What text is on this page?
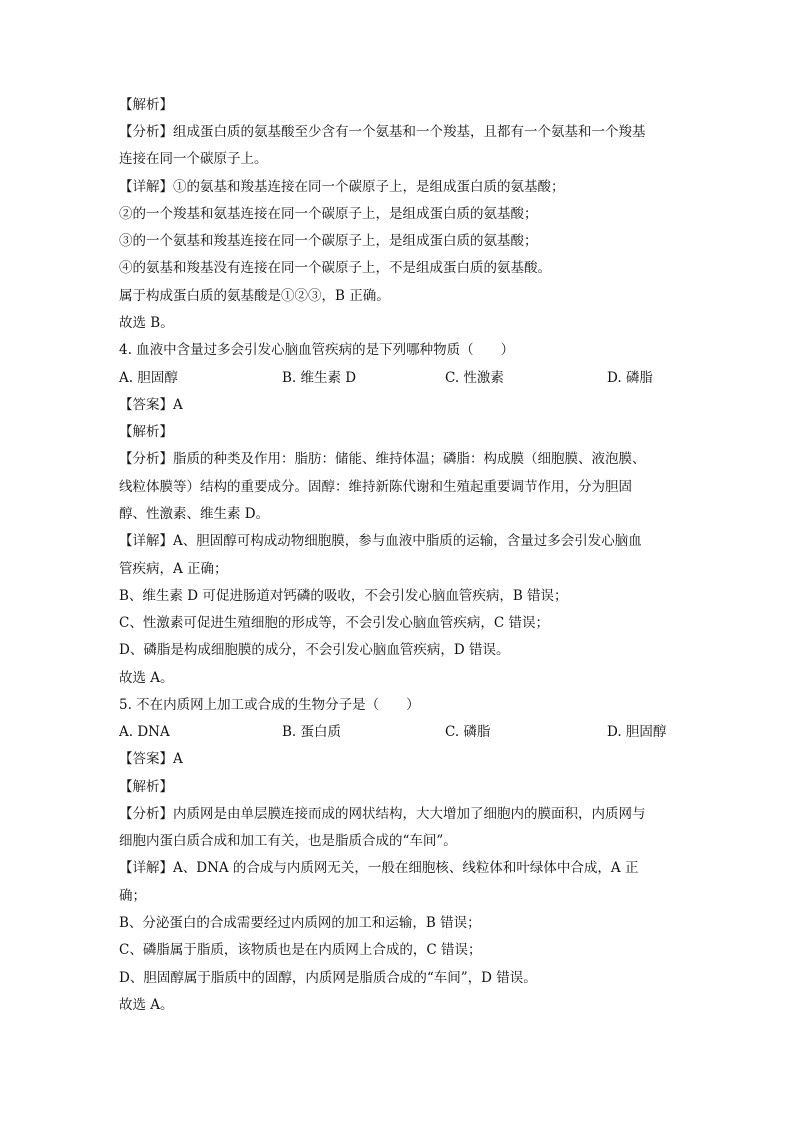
【解析】
【分析】组成蛋白质的氨基酸至少含有一个氨基和一个羧基，且都有一个氨基和一个羧基
连接在同一个碳原子上。
【详解】①的氨基和羧基连接在同一个碳原子上，是组成蛋白质的氨基酸；
②的一个羧基和氨基连接在同一个碳原子上，是组成蛋白质的氨基酸；
③的一个氨基和羧基连接在同一个碳原子上，是组成蛋白质的氨基酸；
④的氨基和羧基没有连接在同一个碳原子上，不是组成蛋白质的氨基酸。
属于构成蛋白质的氨基酸是①②③，B 正确。
故选 B。
4. 血液中含量过多会引发心脑血管疾病的是下列哪种物质（　　）
A. 胆固醇	B. 维生素 D	C. 性激素	D. 磷脂
【答案】A
【解析】
【分析】脂质的种类及作用：脂肪：储能、维持体温；磷脂：构成膜（细胞膜、液泡膜、
线粒体膜等）结构的重要成分。固醇：维持新陈代谢和生殖起重要调节作用，分为胆固
醇、性激素、维生素 D。
【详解】A、胆固醇可构成动物细胞膜，参与血液中脂质的运输，含量过多会引发心脑血
管疾病，A 正确；
B、维生素 D 可促进肠道对钙磷的吸收，不会引发心脑血管疾病，B 错误；
C、性激素可促进生殖细胞的形成等，不会引发心脑血管疾病，C 错误；
D、磷脂是构成细胞膜的成分，不会引发心脑血管疾病，D 错误。
故选 A。
5. 不在内质网上加工或合成的生物分子是（　　）
A. DNA	B. 蛋白质	C. 磷脂	D. 胆固醇
【答案】A
【解析】
【分析】内质网是由单层膜连接而成的网状结构，大大增加了细胞内的膜面积，内质网与
细胞内蛋白质合成和加工有关，也是脂质合成的“车间”。
【详解】A、DNA 的合成与内质网无关，一般在细胞核、线粒体和叶绿体中合成，A 正
确；
B、分泌蛋白的合成需要经过内质网的加工和运输，B 错误；
C、磷脂属于脂质，该物质也是在内质网上合成的，C 错误；
D、胆固醇属于脂质中的固醇，内质网是脂质合成的“车间”，D 错误。
故选 A。
